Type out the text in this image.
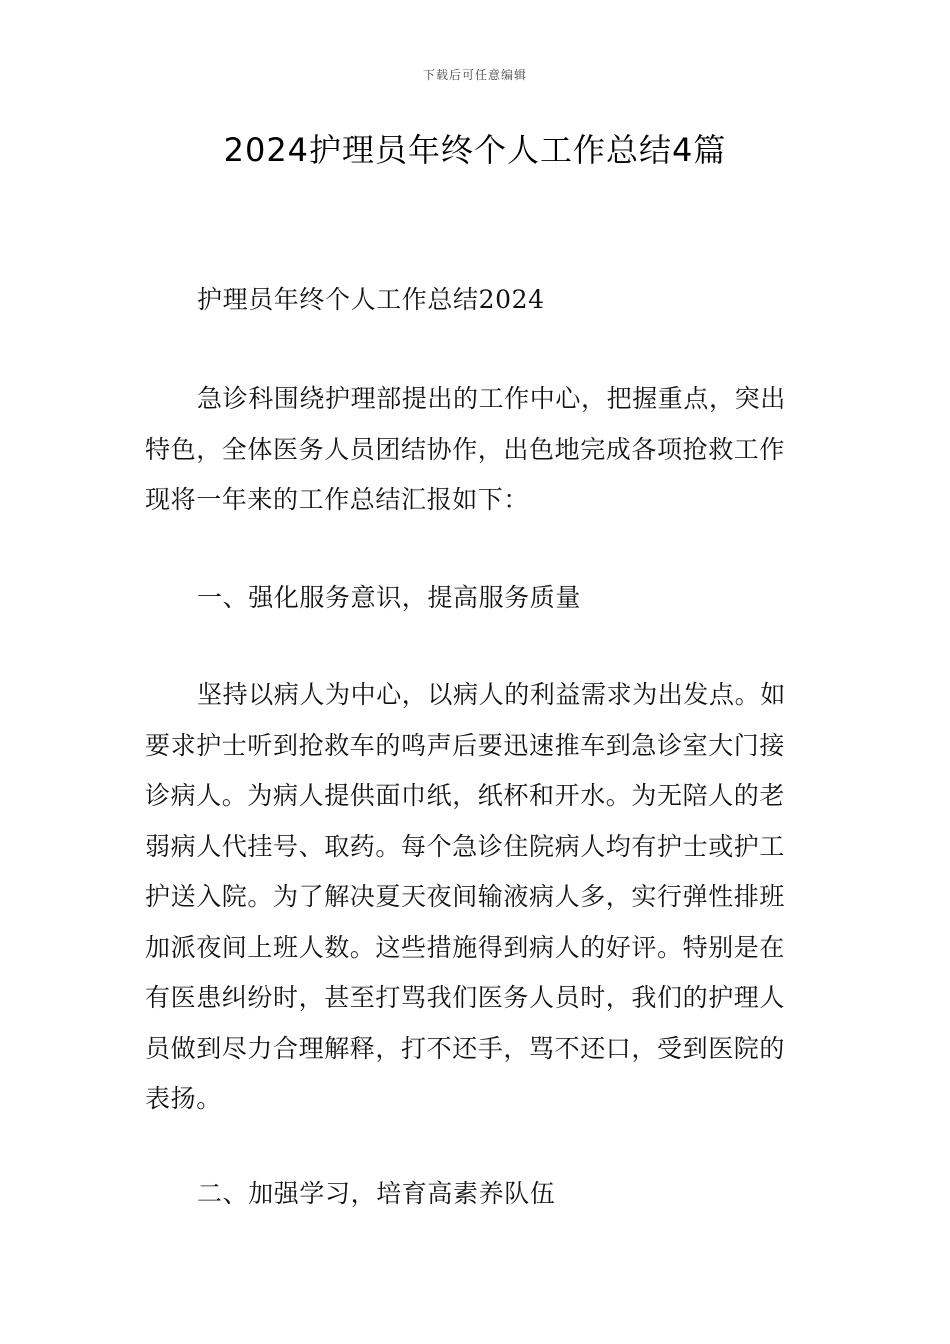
下载后可任意编辑
2024护理员年终个人工作总结4篇

护理员年终个人工作总结2024

急诊科围绕护理部提出的工作中心，把握重点，突出特色，全体医务人员团结协作，出色地完成各项抢救工作现将一年来的工作总结汇报如下：

一、强化服务意识，提高服务质量

坚持以病人为中心，以病人的利益需求为出发点。如要求护士听到抢救车的鸣声后要迅速推车到急诊室大门接诊病人。为病人提供面巾纸，纸杯和开水。为无陪人的老弱病人代挂号、取药。每个急诊住院病人均有护士或护工护送入院。为了解决夏天夜间输液病人多，实行弹性排班加派夜间上班人数。这些措施得到病人的好评。特别是在有医患纠纷时，甚至打骂我们医务人员时，我们的护理人员做到尽力合理解释，打不还手，骂不还口，受到医院的表扬。

二、加强学习，培育高素养队伍
